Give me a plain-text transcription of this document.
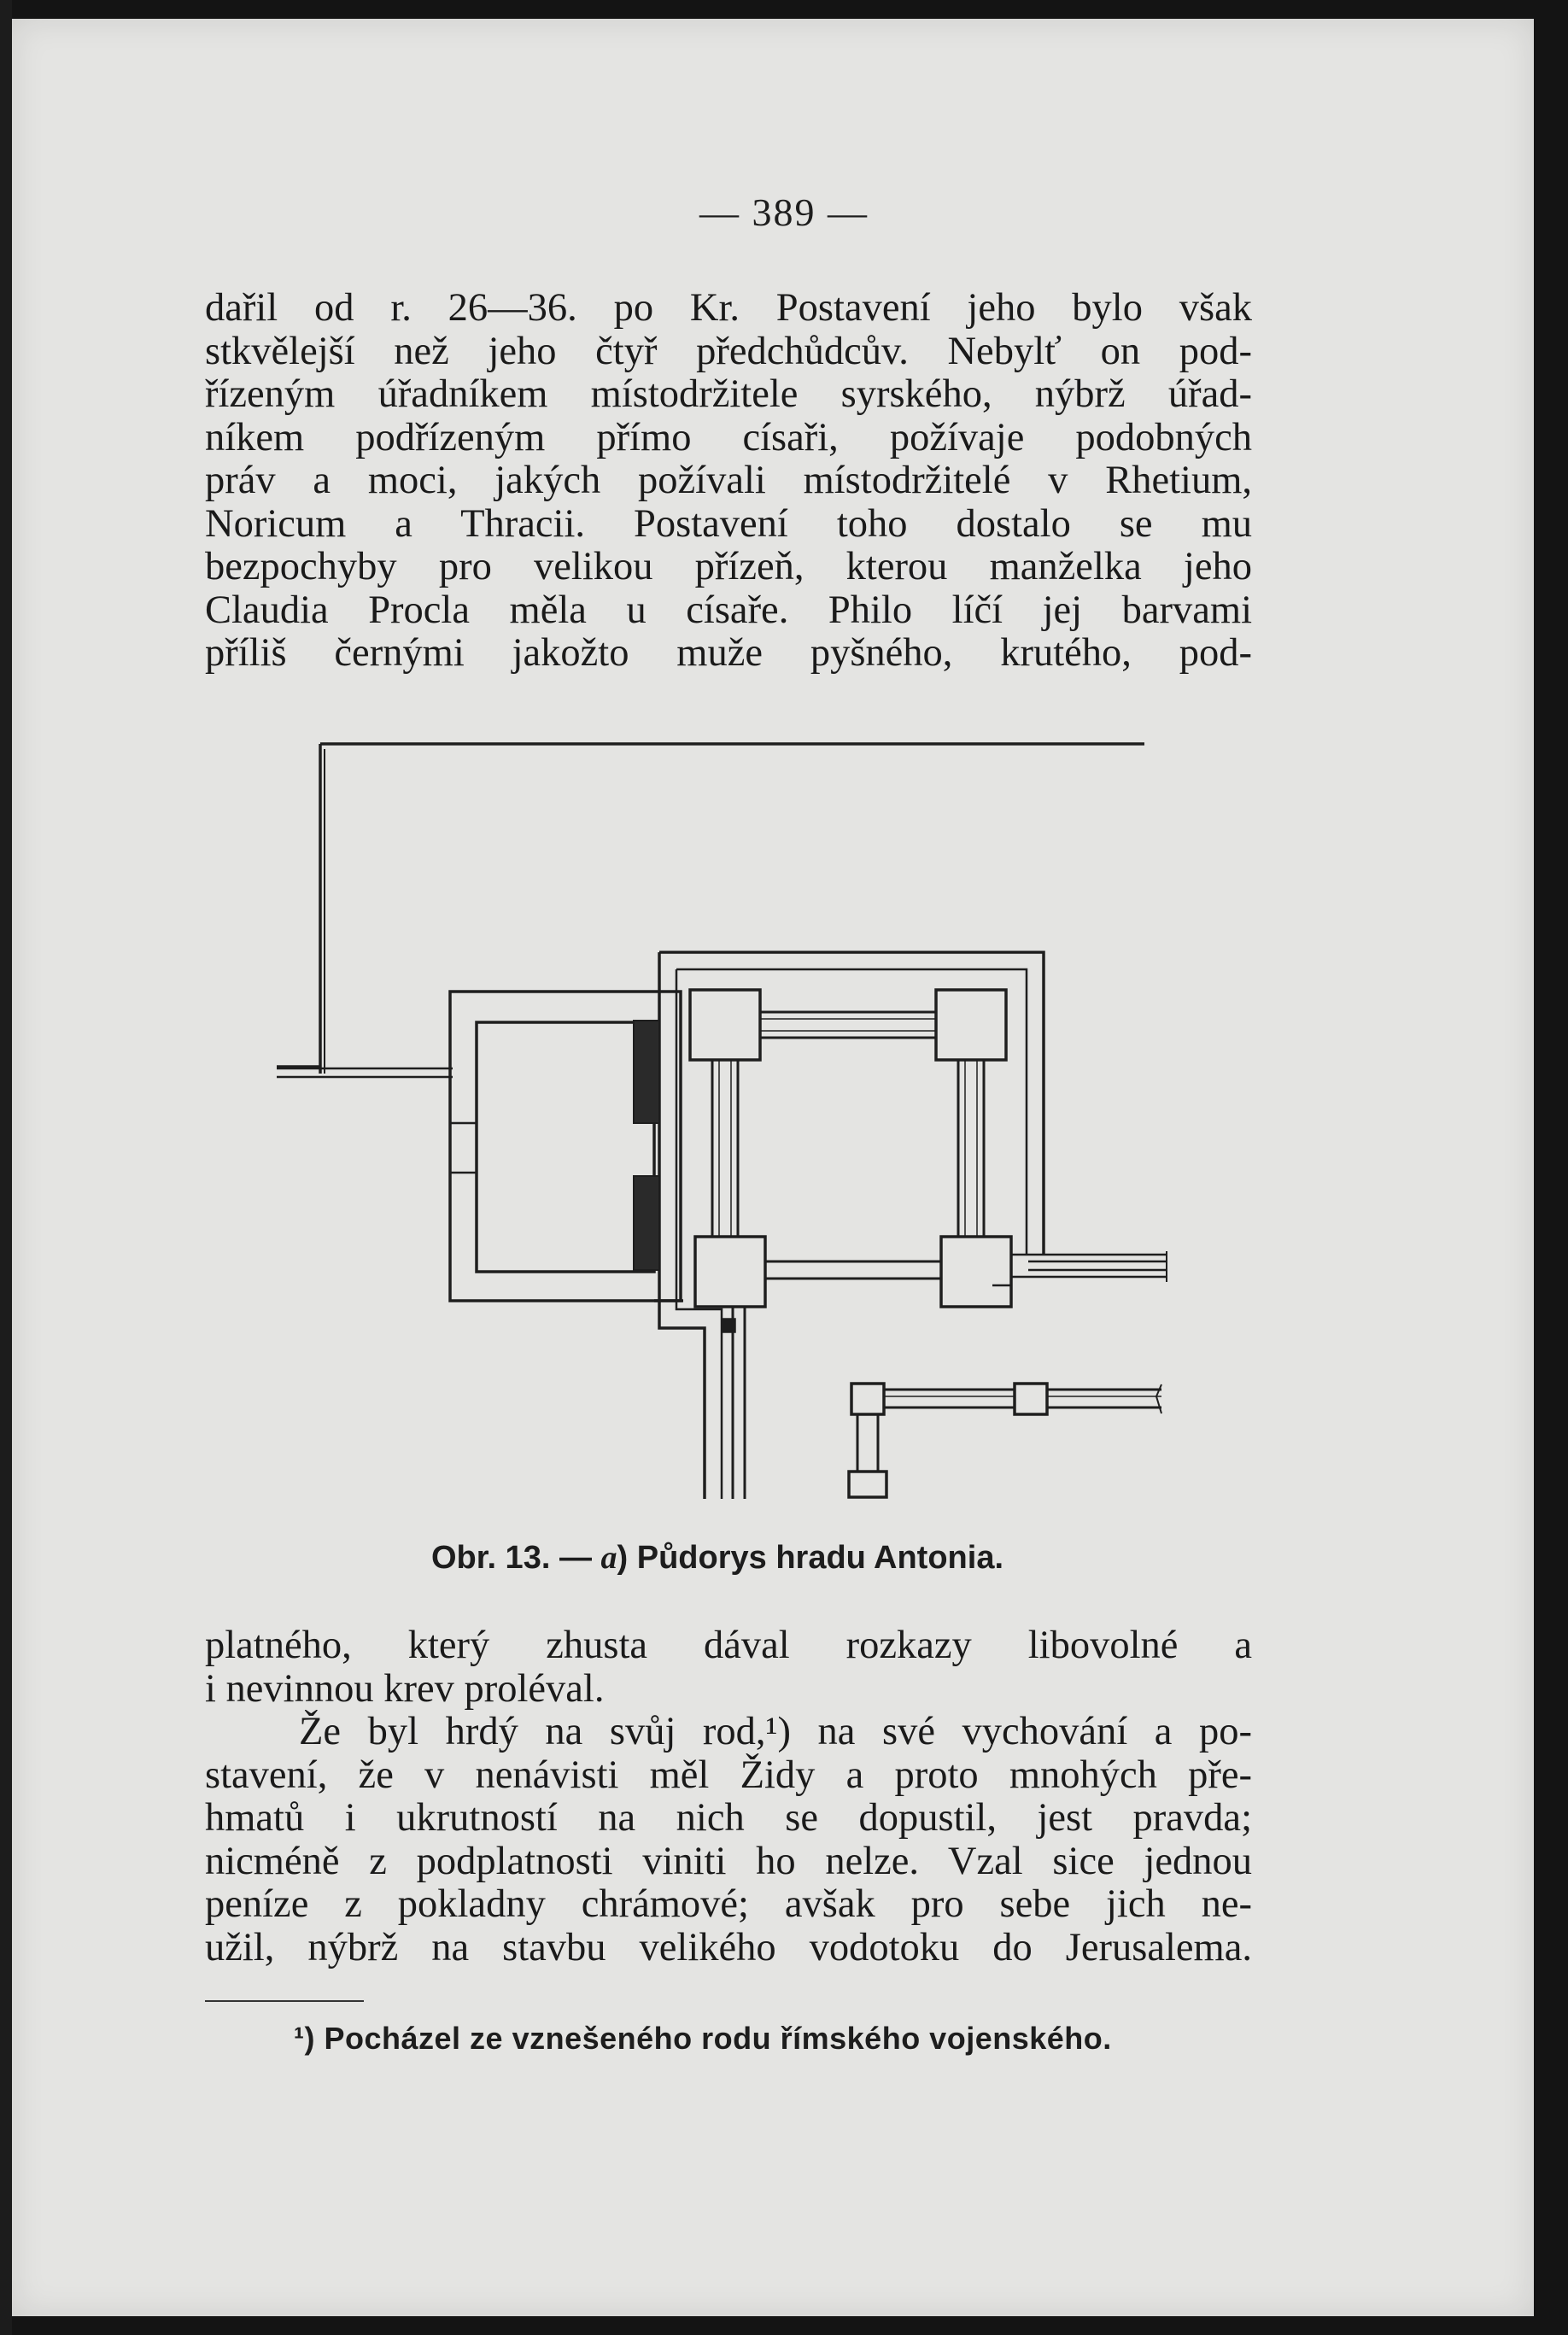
— 389 —
dařil od r. 26—36. po Kr. Postavení jeho bylo však
stkvělejší než jeho čtyř předchůdcův. Nebylť on pod-
řízeným úřadníkem místodržitele syrského, nýbrž úřad-
níkem podřízeným přímo císaři, požívaje podobných
práv a moci, jakých požívali místodržitelé v Rhetium,
Noricum a Thracii. Postavení toho dostalo se mu
bezpochyby pro velikou přízeň, kterou manželka jeho
Claudia Procla měla u císaře. Philo líčí jej barvami
příliš černými jakožto muže pyšného, krutého, pod-
Obr. 13. — a) Půdorys hradu Antonia.
platného, který zhusta dával rozkazy libovolné a
i nevinnou krev proléval.
Že byl hrdý na svůj rod,¹) na své vychování a po-
stavení, že v nenávisti měl Židy a proto mnohých pře-
hmatů i ukrutností na nich se dopustil, jest pravda;
nicméně z podplatnosti viniti ho nelze. Vzal sice jednou
peníze z pokladny chrámové; avšak pro sebe jich ne-
užil, nýbrž na stavbu velikého vodotoku do Jerusalema.
¹) Pocházel ze vznešeného rodu římského vojenského.
